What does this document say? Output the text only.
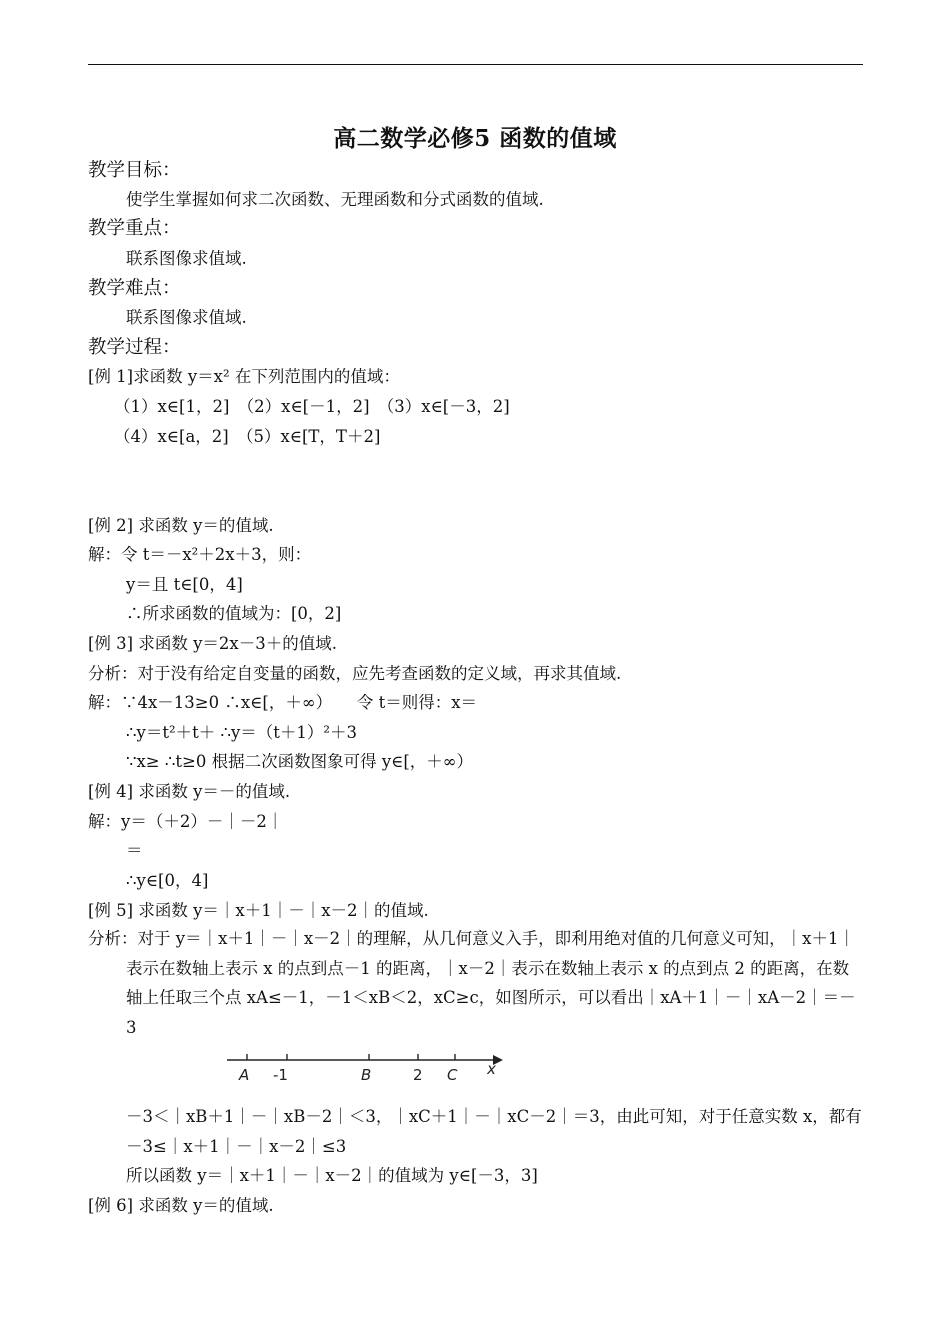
高二数学必修5 函数的值域
教学目标：
使学生掌握如何求二次函数、无理函数和分式函数的值域.
教学重点：
联系图像求值域.
教学难点：
联系图像求值域.
教学过程：
[例 1]求函数 y＝x² 在下列范围内的值域：
（1）x∈[1，2]　（2）x∈[－1，2]　（3）x∈[－3，2]
（4）x∈[a，2]　（5）x∈[T，T＋2]
[例 2] 求函数 y＝的值域.
解：令 t＝－x²＋2x＋3，则：
y＝且 t∈[0，4]
∴所求函数的值域为：[0，2]
[例 3] 求函数 y＝2x－3＋的值域.
分析：对于没有给定自变量的函数，应先考查函数的定义域，再求其值域.
解：∵4x－13≥0 ∴x∈[，＋∞）　　令 t＝则得：x＝
∴y＝t²＋t＋ ∴y＝（t＋1）²＋3
∵x≥ ∴t≥0 根据二次函数图象可得 y∈[，＋∞）
[例 4] 求函数 y＝－的值域.
解：y＝（＋2）－｜－2｜
＝
∴y∈[0，4]
[例 5] 求函数 y＝｜x＋1｜－｜x－2｜的值域.
分析：对于 y＝｜x＋1｜－｜x－2｜的理解，从几何意义入手，即利用绝对值的几何意义可知，｜x＋1｜表示在数轴上表示 x 的点到点－1 的距离，｜x－2｜表示在数轴上表示 x 的点到点 2 的距离，在数轴上任取三个点 xA≤－1，－1＜xB＜2，xC≥c，如图所示，可以看出｜xA＋1｜－｜xA－2｜＝－3
A -1	B	2 C x
－3＜｜xB＋1｜－｜xB－2｜＜3，｜xC＋1｜－｜xC－2｜＝3，由此可知，对于任意实数 x，都有－3≤｜x＋1｜－｜x－2｜≤3
所以函数 y＝｜x＋1｜－｜x－2｜的值域为 y∈[－3，3]
[例 6] 求函数 y＝的值域.
